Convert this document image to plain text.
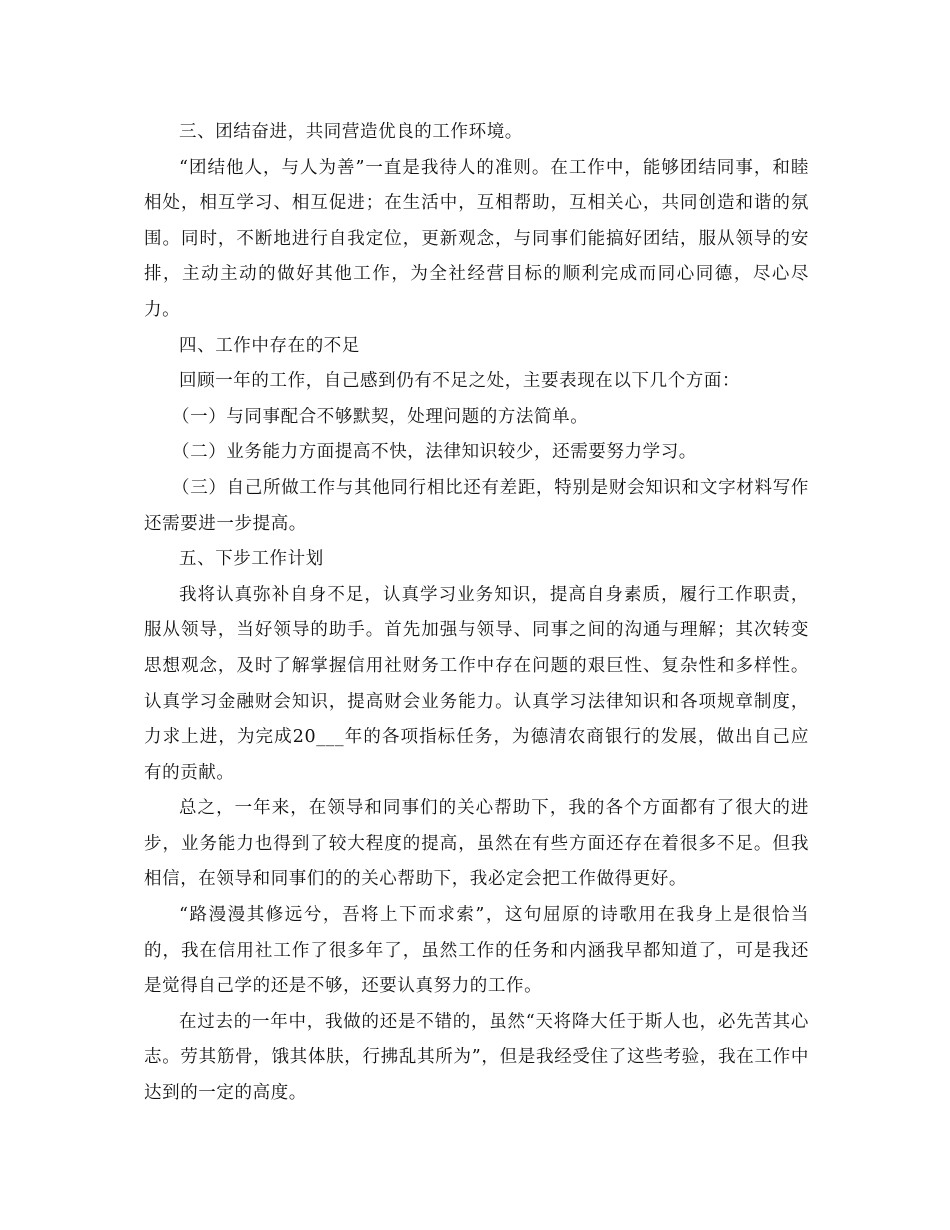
三、团结奋进，共同营造优良的工作环境。

“团结他人，与人为善”一直是我待人的准则。在工作中，能够团结同事，和睦相处，相互学习、相互促进；在生活中，互相帮助，互相关心，共同创造和谐的氛围。同时，不断地进行自我定位，更新观念，与同事们能搞好团结，服从领导的安排，主动主动的做好其他工作，为全社经营目标的顺利完成而同心同德，尽心尽力。

四、工作中存在的不足

回顾一年的工作，自己感到仍有不足之处，主要表现在以下几个方面：

（一）与同事配合不够默契，处理问题的方法简单。

（二）业务能力方面提高不快，法律知识较少，还需要努力学习。

（三）自己所做工作与其他同行相比还有差距，特别是财会知识和文字材料写作还需要进一步提高。

五、下步工作计划

我将认真弥补自身不足，认真学习业务知识，提高自身素质，履行工作职责，服从领导，当好领导的助手。首先加强与领导、同事之间的沟通与理解；其次转变思想观念，及时了解掌握信用社财务工作中存在问题的艰巨性、复杂性和多样性。认真学习金融财会知识，提高财会业务能力。认真学习法律知识和各项规章制度，力求上进，为完成20___年的各项指标任务，为德清农商银行的发展，做出自己应有的贡献。

总之，一年来，在领导和同事们的关心帮助下，我的各个方面都有了很大的进步，业务能力也得到了较大程度的提高，虽然在有些方面还存在着很多不足。但我相信，在领导和同事们的的关心帮助下，我必定会把工作做得更好。

“路漫漫其修远兮，吾将上下而求索”，这句屈原的诗歌用在我身上是很恰当的，我在信用社工作了很多年了，虽然工作的任务和内涵我早都知道了，可是我还是觉得自己学的还是不够，还要认真努力的工作。

在过去的一年中，我做的还是不错的，虽然“天将降大任于斯人也，必先苦其心志。劳其筋骨，饿其体肤，行拂乱其所为”，但是我经受住了这些考验，我在工作中达到的一定的高度。
